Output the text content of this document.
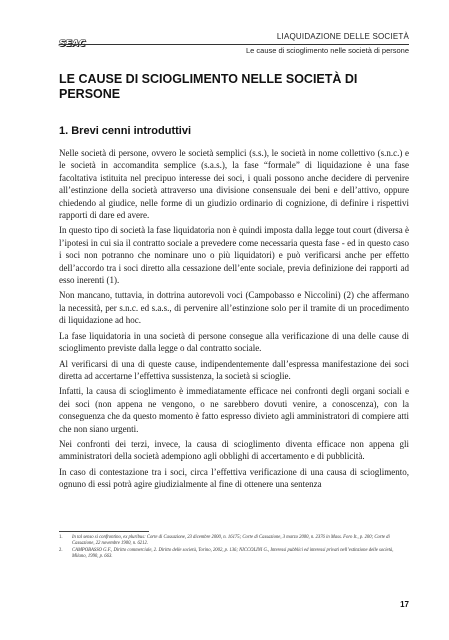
SEAC
LIAQUIDAZIONE DELLE SOCIETÀ
Le cause di scioglimento nelle società di persone
LE CAUSE DI SCIOGLIMENTO NELLE SOCIETÀ DI PERSONE
1. Brevi cenni introduttivi

Nelle società di persone, ovvero le società semplici (s.s.), le società in nome collettivo (s.n.c.) e le società in accomandita semplice (s.a.s.), la fase “formale” di liquidazione è una fase facoltativa istituita nel precipuo interesse dei soci, i quali possono anche decidere di pervenire all’estinzione della società attraverso una divisione consensuale dei beni e dell’attivo, oppure chiedendo al giudice, nelle forme di un giudizio ordinario di cognizione, di definire i rispettivi rapporti di dare ed avere.

In questo tipo di società la fase liquidatoria non è quindi imposta dalla legge tout court (diversa è l’ipotesi in cui sia il contratto sociale a prevedere come necessaria questa fase - ed in questo caso i soci non potranno che nominare uno o più liquidatori) e può verificarsi anche per effetto dell’accordo tra i soci diretto alla cessazione dell’ente sociale, previa definizione dei rapporti ad esso inerenti (1).

Non mancano, tuttavia, in dottrina autorevoli voci (Campobasso e Niccolini) (2) che affermano la necessità, per s.n.c. ed s.a.s., di pervenire all’estinzione solo per il tramite di un procedimento di liquidazione ad hoc.

La fase liquidatoria in una società di persone consegue alla verificazione di una delle cause di scioglimento previste dalla legge o dal contratto sociale.

Al verificarsi di una di queste cause, indipendentemente dall’espressa manifestazione dei soci diretta ad accertarne l’effettiva sussistenza, la società si scioglie.

Infatti, la causa di scioglimento è immediatamente efficace nei confronti degli organi sociali e dei soci (non appena ne vengono, o ne sarebbero dovuti venire, a conoscenza), con la conseguenza che da questo momento è fatto espresso divieto agli amministratori di compiere atti che non siano urgenti.

Nei confronti dei terzi, invece, la causa di scioglimento diventa efficace non appena gli amministratori della società adempiono agli obblighi di accertamento e di pubblicità.

In caso di contestazione tra i soci, circa l’effettiva verificazione di una causa di scioglimento, ognuno di essi potrà agire giudizialmente al fine di ottenere una sentenza

1.	In tal senso si confrontino, ex pluribus: Corte di Cassazione, 23 dicembre 2000, n. 16175; Corte di Cassazione, 3 marzo 2000, n. 2376 in Mass. Foro It., p. 200; Corte di Cassazione, 22 novembre 1900, n. 6212.
2.	CAMPOBASSO G.F., Diritto commerciale, 2. Diritto delle società, Torino, 2002, p. 136; NICCOLINI G., Interessi pubblici ed interessi privati nell’estinzione delle società, Milano, 1990, p. 663.
17
